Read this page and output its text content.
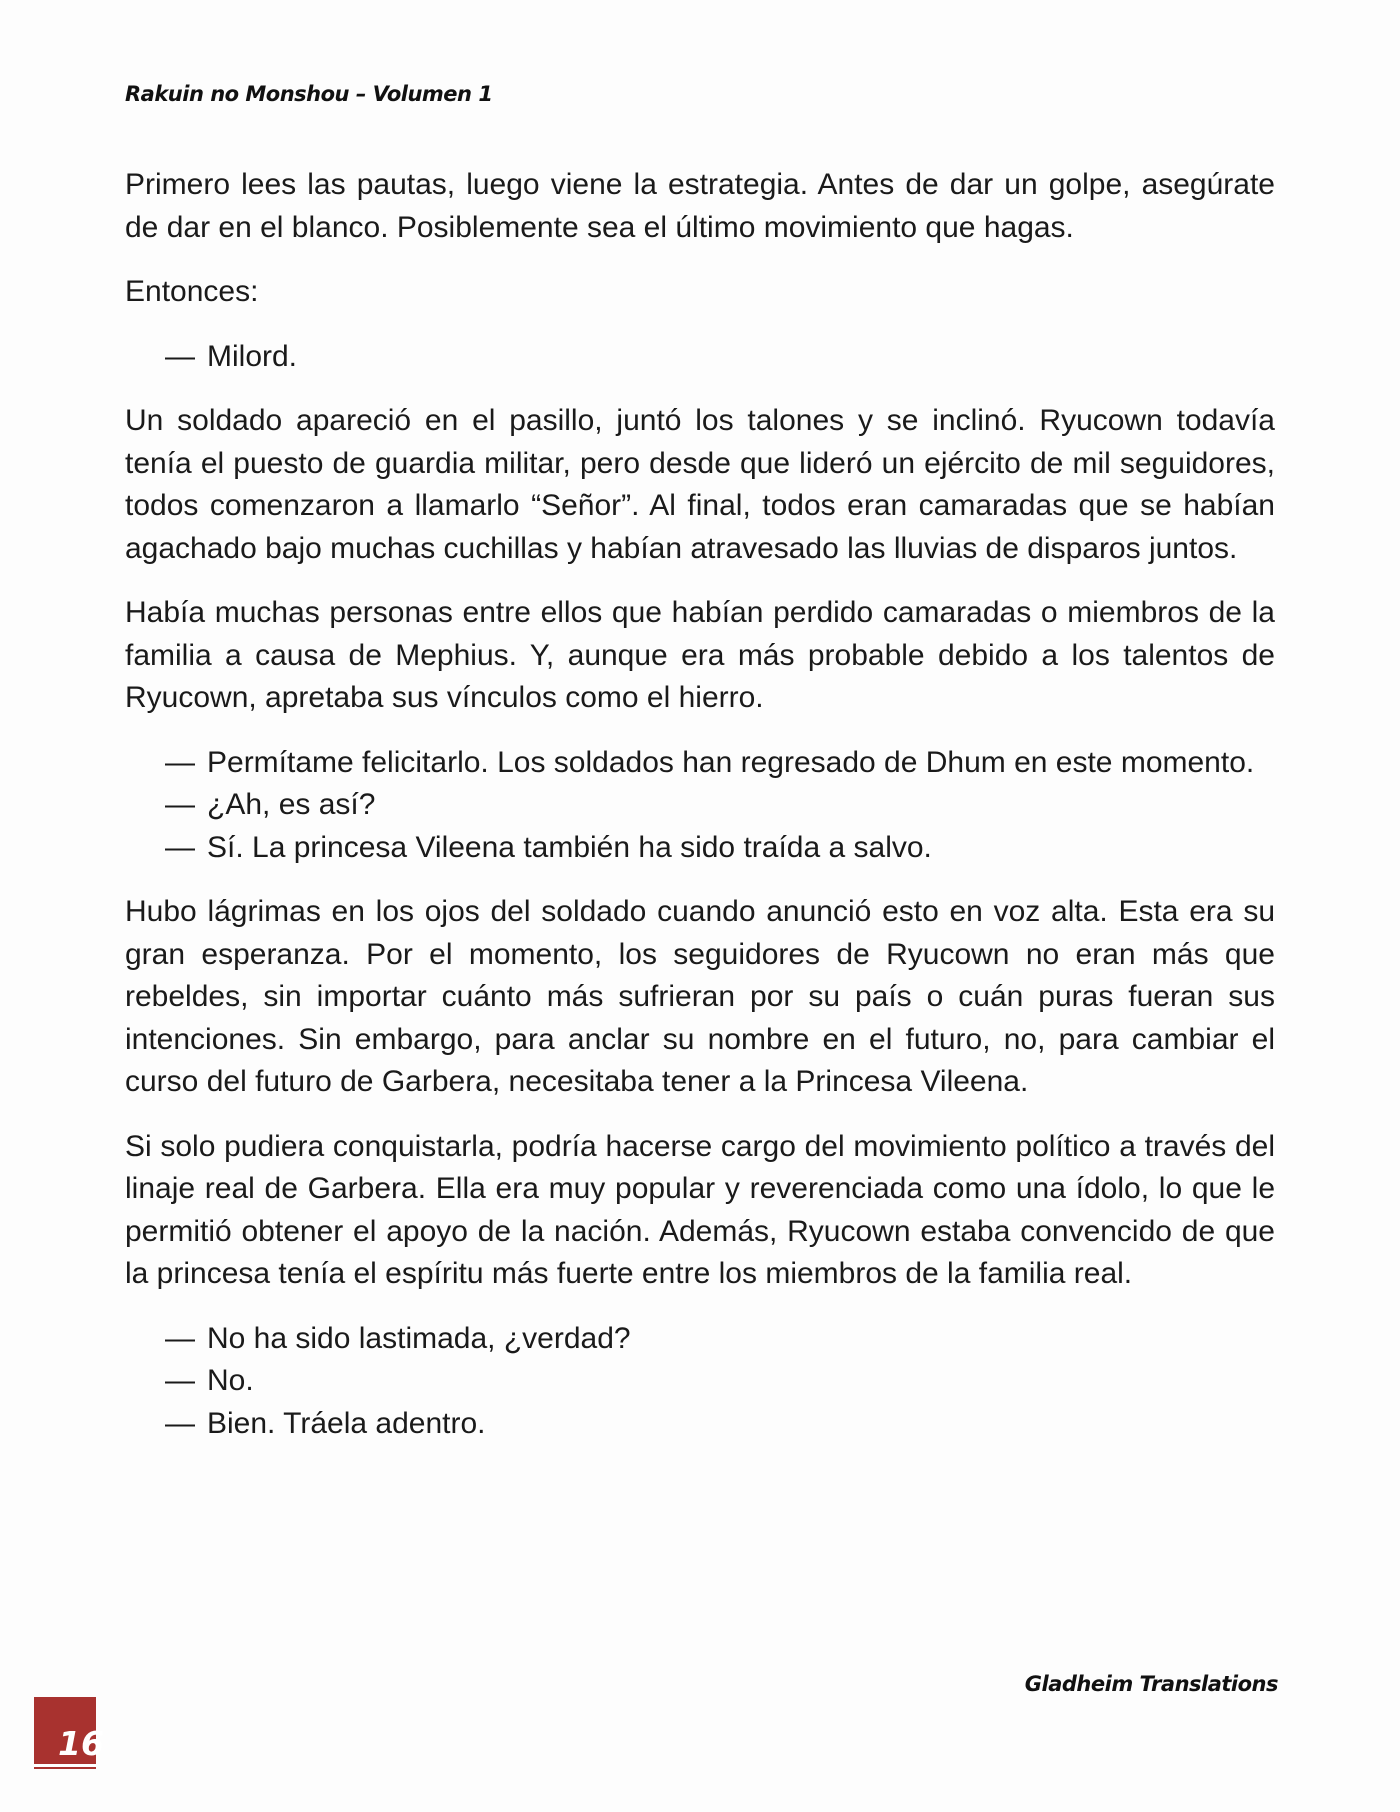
Rakuin no Monshou – Volumen 1

Primero lees las pautas, luego viene la estrategia. Antes de dar un golpe, asegúrate de dar en el blanco. Posiblemente sea el último movimiento que hagas.

Entonces:

— Milord.

Un soldado apareció en el pasillo, juntó los talones y se inclinó. Ryucown todavía tenía el puesto de guardia militar, pero desde que lideró un ejército de mil seguidores, todos comenzaron a llamarlo “Señor”. Al final, todos eran camaradas que se habían agachado bajo muchas cuchillas y habían atravesado las lluvias de disparos juntos.

Había muchas personas entre ellos que habían perdido camaradas o miembros de la familia a causa de Mephius. Y, aunque era más probable debido a los talentos de Ryucown, apretaba sus vínculos como el hierro.

— Permítame felicitarlo. Los soldados han regresado de Dhum en este momento.
— ¿Ah, es así?
— Sí. La princesa Vileena también ha sido traída a salvo.

Hubo lágrimas en los ojos del soldado cuando anunció esto en voz alta. Esta era su gran esperanza. Por el momento, los seguidores de Ryucown no eran más que rebeldes, sin importar cuánto más sufrieran por su país o cuán puras fueran sus intenciones. Sin embargo, para anclar su nombre en el futuro, no, para cambiar el curso del futuro de Garbera, necesitaba tener a la Princesa Vileena.

Si solo pudiera conquistarla, podría hacerse cargo del movimiento político a través del linaje real de Garbera. Ella era muy popular y reverenciada como una ídolo, lo que le permitió obtener el apoyo de la nación. Además, Ryucown estaba convencido de que la princesa tenía el espíritu más fuerte entre los miembros de la familia real.

— No ha sido lastimada, ¿verdad?
— No.
— Bien. Tráela adentro.
Gladheim Translations
16
